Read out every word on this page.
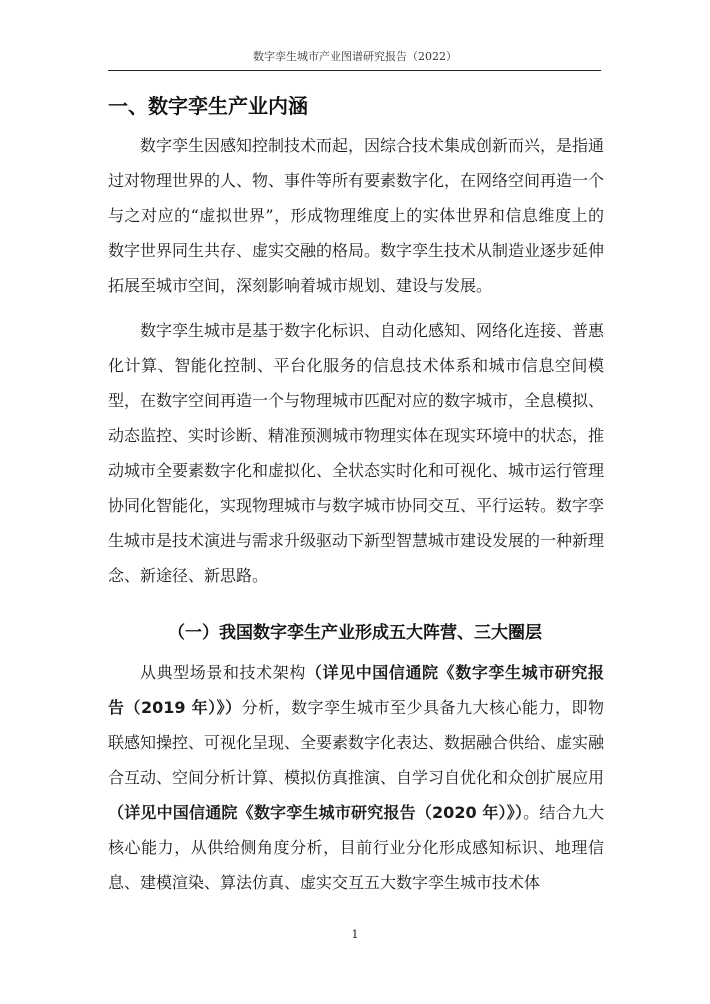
数字孪生城市产业图谱研究报告（2022）
一、数字孪生产业内涵

数字孪生因感知控制技术而起，因综合技术集成创新而兴，是指通过对物理世界的人、物、事件等所有要素数字化，在网络空间再造一个与之对应的“虚拟世界”，形成物理维度上的实体世界和信息维度上的数字世界同生共存、虚实交融的格局。数字孪生技术从制造业逐步延伸拓展至城市空间，深刻影响着城市规划、建设与发展。

数字孪生城市是基于数字化标识、自动化感知、网络化连接、普惠化计算、智能化控制、平台化服务的信息技术体系和城市信息空间模型，在数字空间再造一个与物理城市匹配对应的数字城市，全息模拟、动态监控、实时诊断、精准预测城市物理实体在现实环境中的状态，推动城市全要素数字化和虚拟化、全状态实时化和可视化、城市运行管理协同化智能化，实现物理城市与数字城市协同交互、平行运转。数字孪生城市是技术演进与需求升级驱动下新型智慧城市建设发展的一种新理念、新途径、新思路。

（一）我国数字孪生产业形成五大阵营、三大圈层

从典型场景和技术架构（详见中国信通院《数字孪生城市研究报告（2019 年）》）分析，数字孪生城市至少具备九大核心能力，即物联感知操控、可视化呈现、全要素数字化表达、数据融合供给、虚实融合互动、空间分析计算、模拟仿真推演、自学习自优化和众创扩展应用（详见中国信通院《数字孪生城市研究报告（2020 年）》）。结合九大核心能力，从供给侧角度分析，目前行业分化形成感知标识、地理信息、建模渲染、算法仿真、虚实交互五大数字孪生城市技术体

1
